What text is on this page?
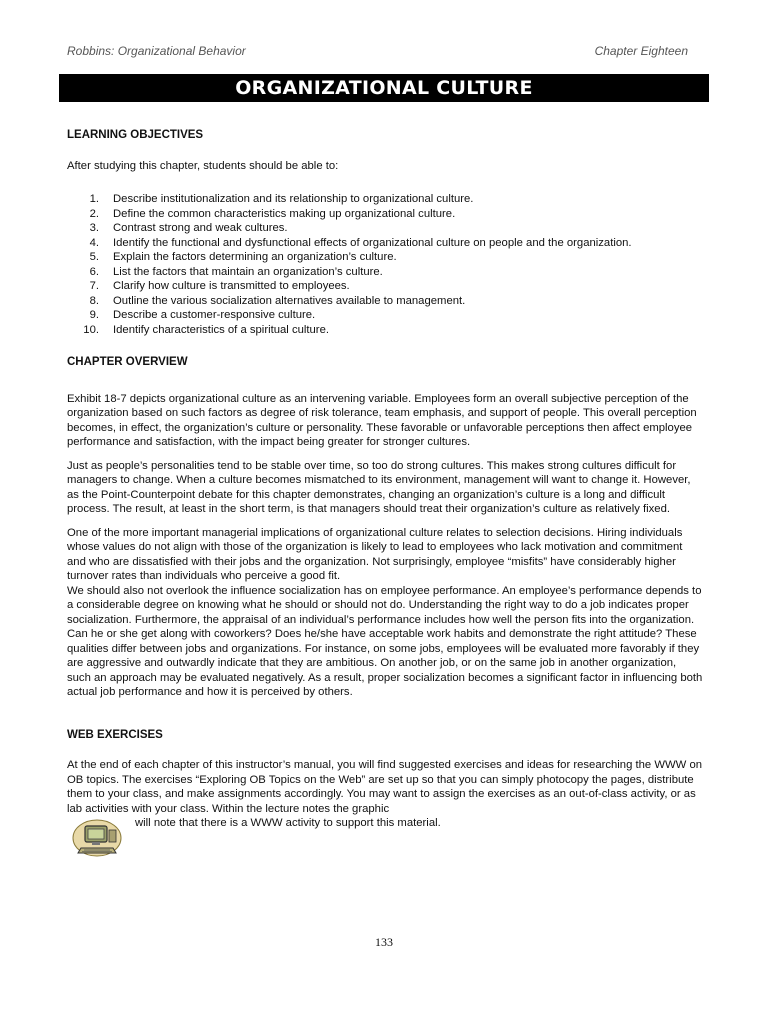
Robbins: Organizational Behavior	Chapter Eighteen
ORGANIZATIONAL CULTURE
LEARNING OBJECTIVES

After studying this chapter, students should be able to:

1. Describe institutionalization and its relationship to organizational culture.
2. Define the common characteristics making up organizational culture.
3. Contrast strong and weak cultures.
4. Identify the functional and dysfunctional effects of organizational culture on people and the organization.
5. Explain the factors determining an organization’s culture.
6. List the factors that maintain an organization’s culture.
7. Clarify how culture is transmitted to employees.
8. Outline the various socialization alternatives available to management.
9. Describe a customer-responsive culture.
10. Identify characteristics of a spiritual culture.
CHAPTER OVERVIEW

Exhibit 18-7 depicts organizational culture as an intervening variable. Employees form an overall subjective perception of the organization based on such factors as degree of risk tolerance, team emphasis, and support of people. This overall perception becomes, in effect, the organization’s culture or personality. These favorable or unfavorable perceptions then affect employee performance and satisfaction, with the impact being greater for stronger cultures.

Just as people’s personalities tend to be stable over time, so too do strong cultures. This makes strong cultures difficult for managers to change. When a culture becomes mismatched to its environment, management will want to change it. However, as the Point-Counterpoint debate for this chapter demonstrates, changing an organization’s culture is a long and difficult process. The result, at least in the short term, is that managers should treat their organization’s culture as relatively fixed.

One of the more important managerial implications of organizational culture relates to selection decisions. Hiring individuals whose values do not align with those of the organization is likely to lead to employees who lack motivation and commitment and who are dissatisfied with their jobs and the organization. Not surprisingly, employee “misfits” have considerably higher turnover rates than individuals who perceive a good fit.

We should also not overlook the influence socialization has on employee performance. An employee’s performance depends to a considerable degree on knowing what he should or should not do. Understanding the right way to do a job indicates proper socialization. Furthermore, the appraisal of an individual’s performance includes how well the person fits into the organization. Can he or she get along with coworkers? Does he/she have acceptable work habits and demonstrate the right attitude? These qualities differ between jobs and organizations. For instance, on some jobs, employees will be evaluated more favorably if they are aggressive and outwardly indicate that they are ambitious. On another job, or on the same job in another organization, such an approach may be evaluated negatively. As a result, proper socialization becomes a significant factor in influencing both actual job performance and how it is perceived by others.

WEB EXERCISES

At the end of each chapter of this instructor’s manual, you will find suggested exercises and ideas for researching the WWW on OB topics. The exercises “Exploring OB Topics on the Web” are set up so that you can simply photocopy the pages, distribute them to your class, and make assignments accordingly. You may want to assign the exercises as an out-of-class activity, or as lab activities with your class. Within the lecture notes the graphic

will note that there is a WWW activity to support this material.
133
